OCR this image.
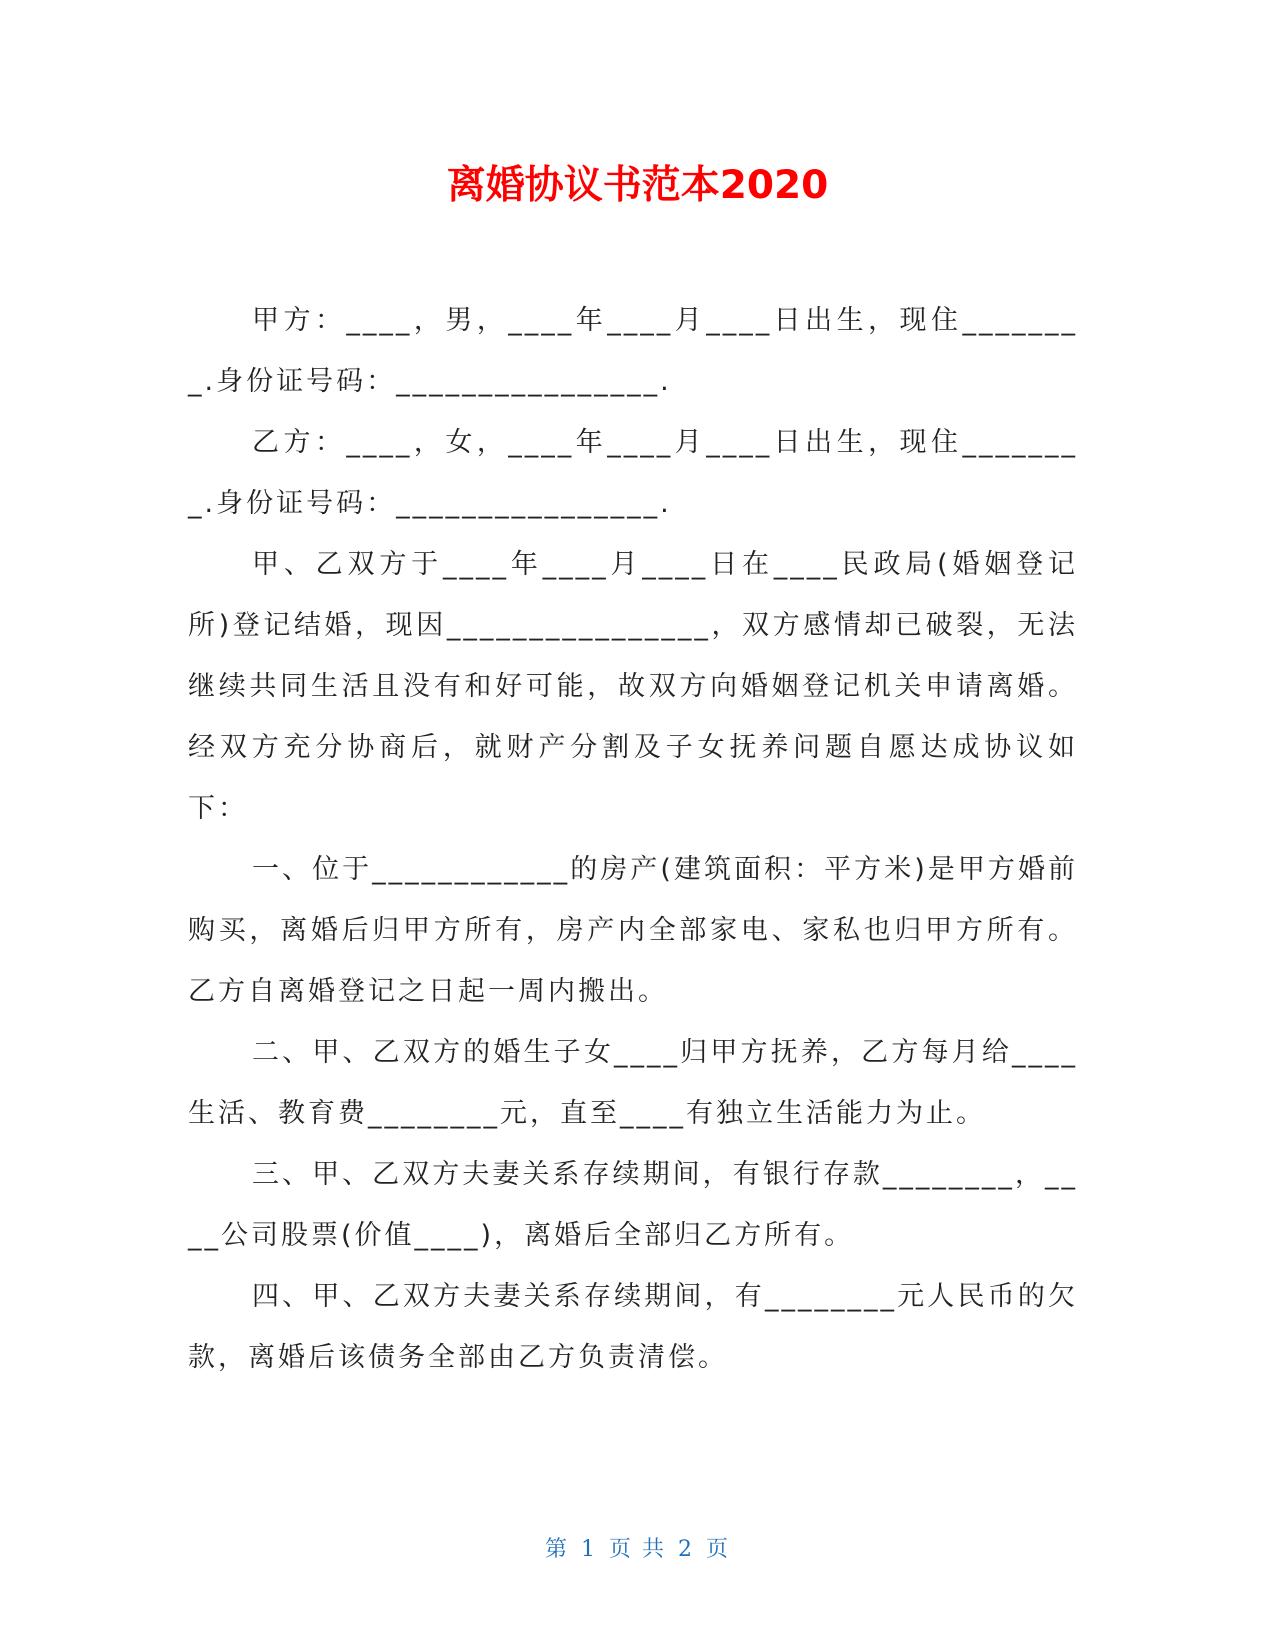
离婚协议书范本2020

甲方：____，男，____年____月____日出生，现住________.身份证号码：________________.

乙方：____，女，____年____月____日出生，现住________.身份证号码：________________.

甲、乙双方于____年____月____日在____民政局(婚姻登记所)登记结婚，现因________________，双方感情却已破裂，无法继续共同生活且没有和好可能，故双方向婚姻登记机关申请离婚。经双方充分协商后，就财产分割及子女抚养问题自愿达成协议如下：

一、位于____________的房产(建筑面积：平方米)是甲方婚前购买，离婚后归甲方所有，房产内全部家电、家私也归甲方所有。乙方自离婚登记之日起一周内搬出。

二、甲、乙双方的婚生子女____归甲方抚养，乙方每月给____生活、教育费________元，直至____有独立生活能力为止。

三、甲、乙双方夫妻关系存续期间，有银行存款________，____公司股票(价值____)，离婚后全部归乙方所有。

四、甲、乙双方夫妻关系存续期间，有________元人民币的欠款，离婚后该债务全部由乙方负责清偿。

第 1 页 共 2 页
